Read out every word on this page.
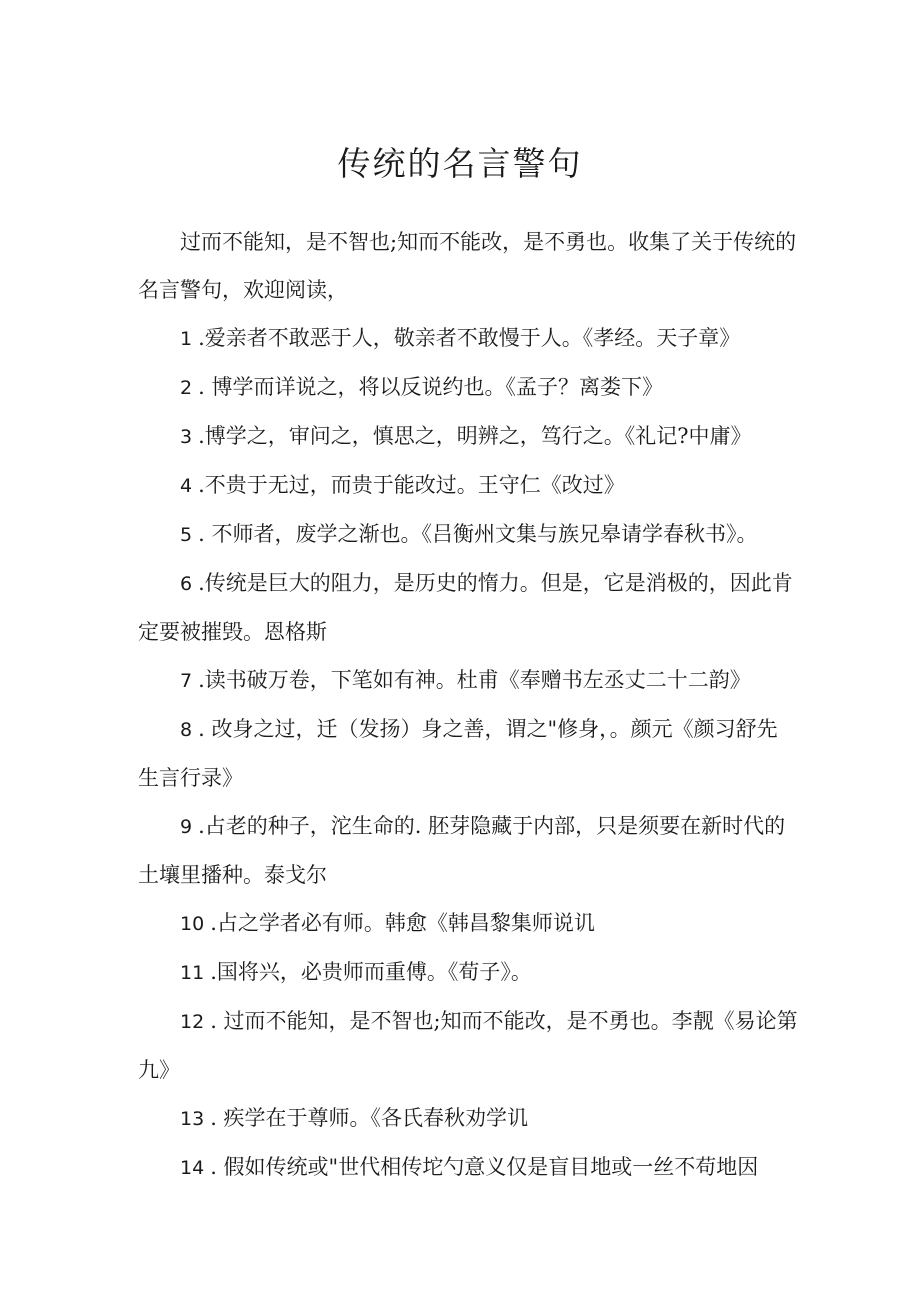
传统的名言警句

过而不能知，是不智也;知而不能改，是不勇也。收集了关于传统的名言警句，欢迎阅读，

1 .爱亲者不敢恶于人，敬亲者不敢慢于人。《孝经。天子章》

2 . 博学而详说之，将以反说约也。《孟子？离娄下》

3 .博学之，审问之，慎思之，明辨之，笃行之。《礼记?中庸》

4 .不贵于无过，而贵于能改过。王守仁《改过》

5 . 不师者，废学之渐也。《吕衡州文集与族兄皋请学春秋书》。

6 .传统是巨大的阻力，是历史的惰力。但是，它是消极的，因此肯定要被摧毁。恩格斯

7 .读书破万卷，下笔如有神。杜甫《奉赠书左丞丈二十二韵》

8 . 改身之过，迁（发扬）身之善，谓之"修身，。颜元《颜习舒先生言行录》

9 .占老的种子，沱生命的. 胚芽隐藏于内部，只是须要在新时代的土壤里播种。泰戈尔

10 .占之学者必有师。韩愈《韩昌黎集师说讥

11 .国将兴，必贵师而重傅。《荀子》。

12 . 过而不能知，是不智也;知而不能改，是不勇也。李靓《易论第九》

13 . 疾学在于尊师。《各氏春秋劝学讥

14 . 假如传统或"世代相传坨勺意义仅是盲目地或一丝不苟地因
